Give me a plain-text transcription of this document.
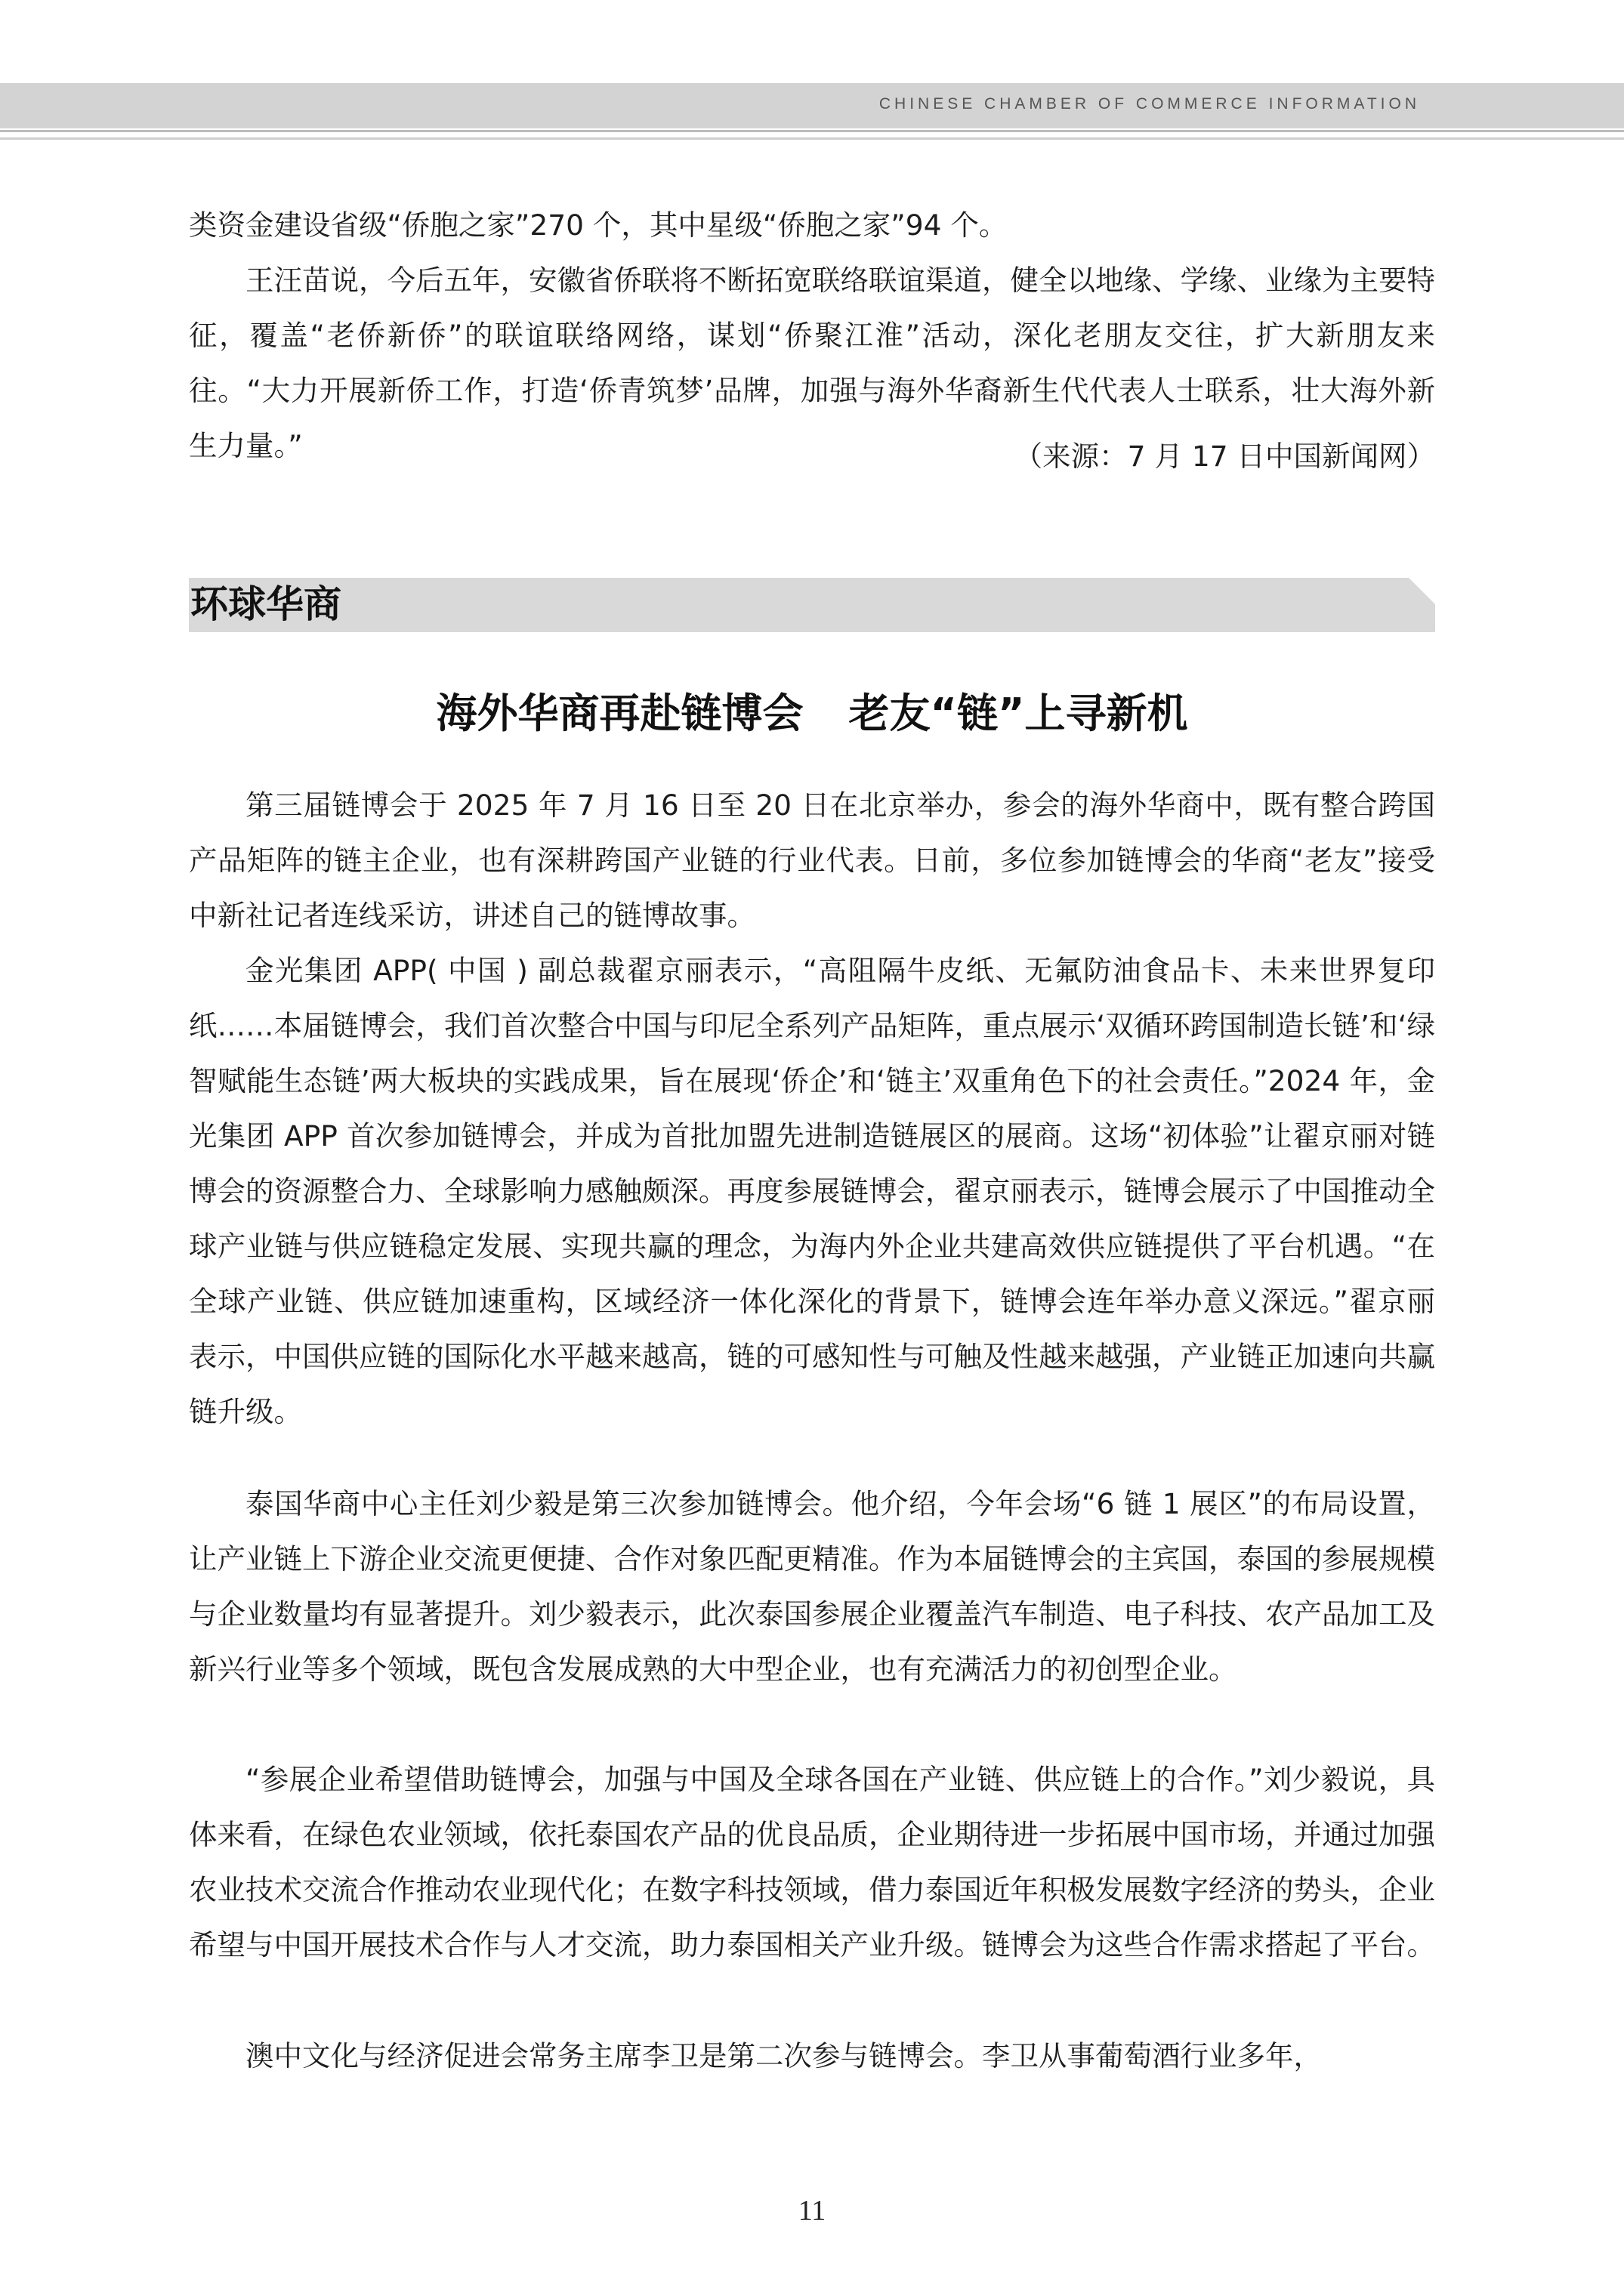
CHINESE CHAMBER OF COMMERCE INFORMATION

类资金建设省级“侨胞之家”270 个，其中星级“侨胞之家”94 个。

王汪苗说，今后五年，安徽省侨联将不断拓宽联络联谊渠道，健全以地缘、学缘、业缘为主要特征，覆盖“老侨新侨”的联谊联络网络，谋划“侨聚江淮”活动，深化老朋友交往，扩大新朋友来往。“大力开展新侨工作，打造‘侨青筑梦’品牌，加强与海外华裔新生代代表人士联系，壮大海外新生力量。”	（来源：7 月 17 日中国新闻网）
环球华商
海外华商再赴链博会 老友“链”上寻新机

第三届链博会于 2025 年 7 月 16 日至 20 日在北京举办，参会的海外华商中，既有整合跨国产品矩阵的链主企业，也有深耕跨国产业链的行业代表。日前，多位参加链博会的华商“老友”接受中新社记者连线采访，讲述自己的链博故事。

金光集团 APP( 中国 ) 副总裁翟京丽表示，“高阻隔牛皮纸、无氟防油食品卡、未来世界复印纸……本届链博会，我们首次整合中国与印尼全系列产品矩阵，重点展示‘双循环跨国制造长链’和‘绿智赋能生态链’两大板块的实践成果，旨在展现‘侨企’和‘链主’双重角色下的社会责任。”2024 年，金光集团 APP 首次参加链博会，并成为首批加盟先进制造链展区的展商。这场“初体验”让翟京丽对链博会的资源整合力、全球影响力感触颇深。再度参展链博会，翟京丽表示，链博会展示了中国推动全球产业链与供应链稳定发展、实现共赢的理念，为海内外企业共建高效供应链提供了平台机遇。“在全球产业链、供应链加速重构，区域经济一体化深化的背景下，链博会连年举办意义深远。”翟京丽表示，中国供应链的国际化水平越来越高，链的可感知性与可触及性越来越强，产业链正加速向共赢链升级。

泰国华商中心主任刘少毅是第三次参加链博会。他介绍，今年会场“6 链 1 展区”的布局设置，让产业链上下游企业交流更便捷、合作对象匹配更精准。作为本届链博会的主宾国，泰国的参展规模与企业数量均有显著提升。刘少毅表示，此次泰国参展企业覆盖汽车制造、电子科技、农产品加工及新兴行业等多个领域，既包含发展成熟的大中型企业，也有充满活力的初创型企业。

“参展企业希望借助链博会，加强与中国及全球各国在产业链、供应链上的合作。”刘少毅说，具体来看，在绿色农业领域，依托泰国农产品的优良品质，企业期待进一步拓展中国市场，并通过加强农业技术交流合作推动农业现代化；在数字科技领域，借力泰国近年积极发展数字经济的势头，企业希望与中国开展技术合作与人才交流，助力泰国相关产业升级。链博会为这些合作需求搭起了平台。

澳中文化与经济促进会常务主席李卫是第二次参与链博会。李卫从事葡萄酒行业多年，

11
